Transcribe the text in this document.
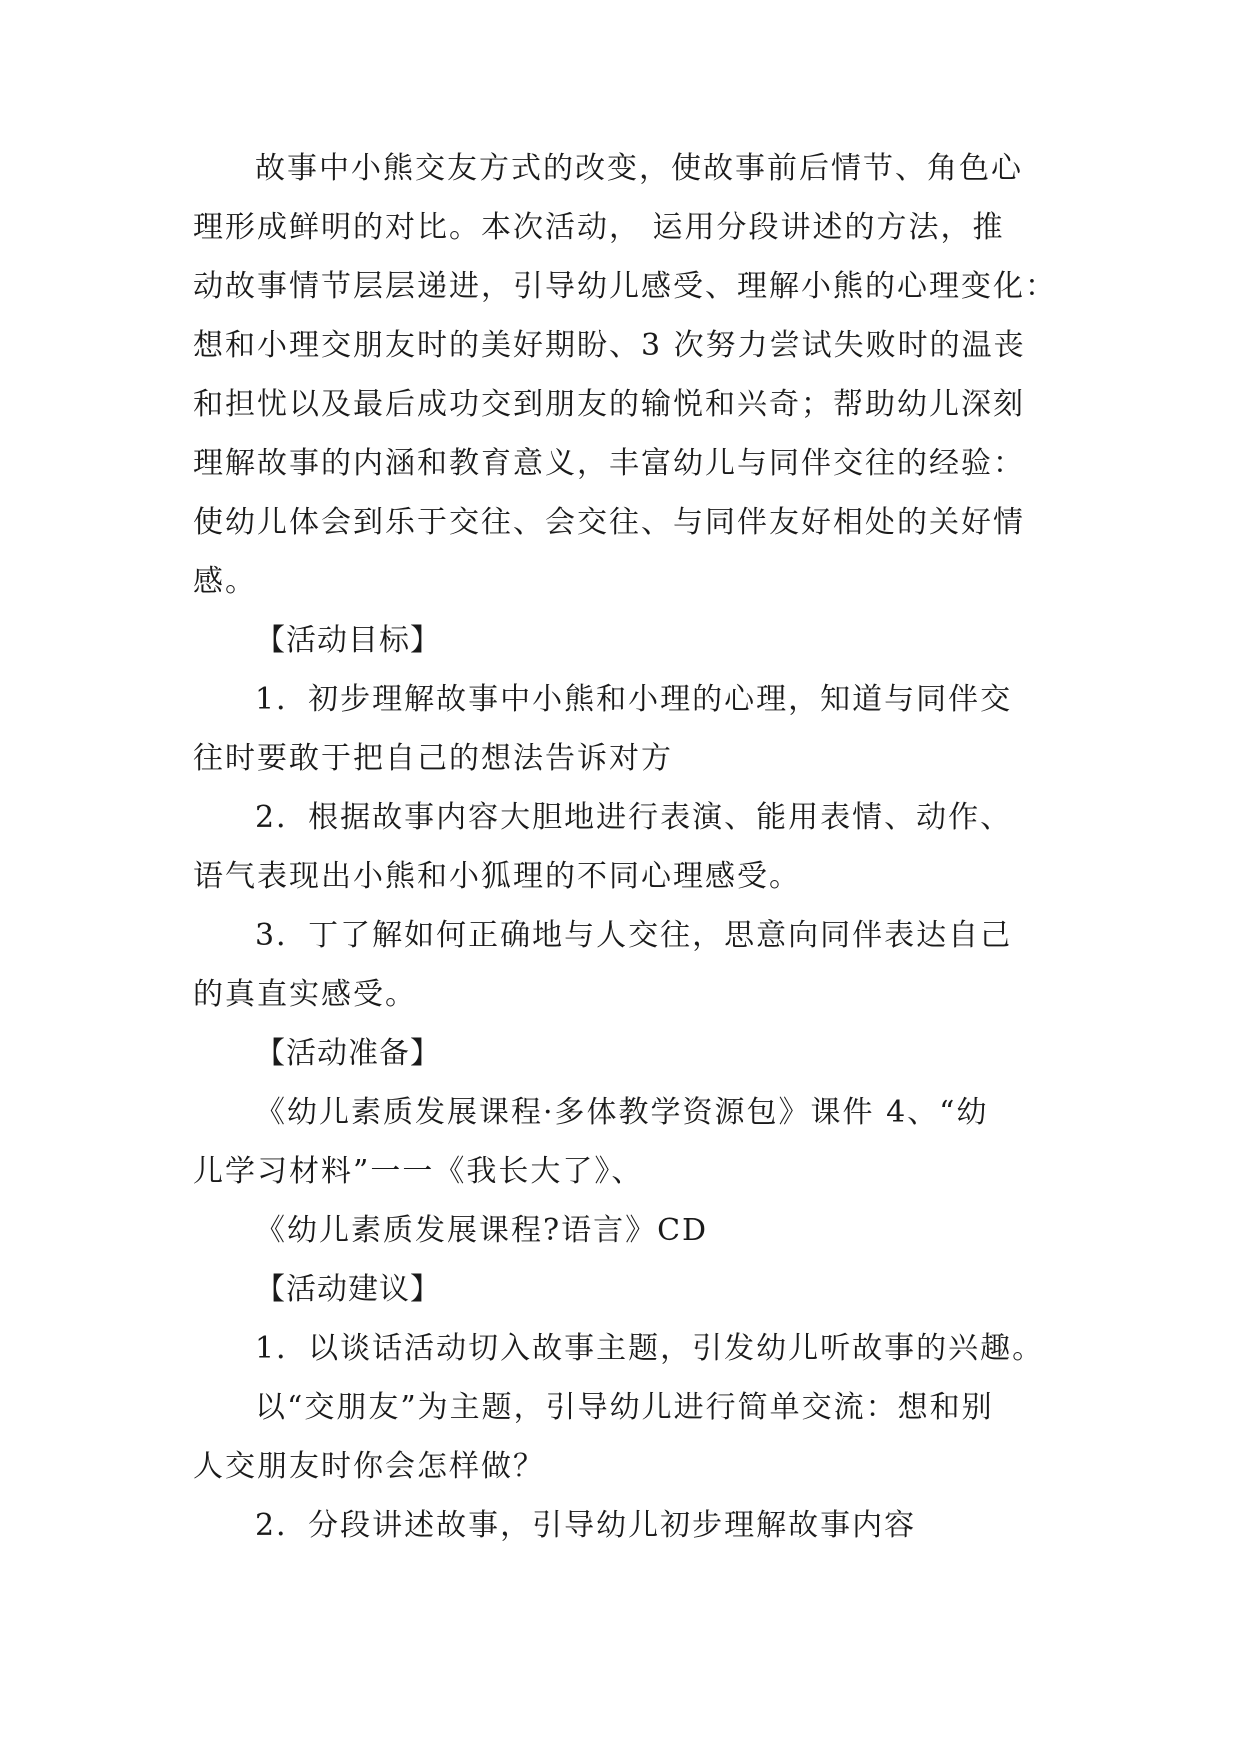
故事中小熊交友方式的改变，使故事前后情节、角色心
理形成鲜明的对比。本次活动， 运用分段讲述的方法，推
动故事情节层层递进，引导幼儿感受、理解小熊的心理变化：
想和小理交朋友时的美好期盼、3 次努力尝试失败时的温丧
和担忧以及最后成功交到朋友的输悦和兴奇；帮助幼儿深刻
理解故事的内涵和教育意义，丰富幼儿与同伴交往的经验：
使幼儿体会到乐于交往、会交往、与同伴友好相处的关好情
感。
【活动目标】
1．初步理解故事中小熊和小理的心理，知道与同伴交
往时要敢于把自己的想法告诉对方
2．根据故事内容大胆地进行表演、能用表情、动作、
语气表现出小熊和小狐理的不同心理感受。
3．丁了解如何正确地与人交往，思意向同伴表达自己
的真直实感受。
【活动准备】
《幼儿素质发展课程·多体教学资源包》课件 4、“幼
儿学习材料”一一《我长大了》、
《幼儿素质发展课程?语言》CD
【活动建议】
1．以谈话活动切入故事主题，引发幼儿听故事的兴趣。
以“交朋友”为主题，引导幼儿进行简单交流：想和别
人交朋友时你会怎样做？
2．分段讲述故事，引导幼儿初步理解故事内容
